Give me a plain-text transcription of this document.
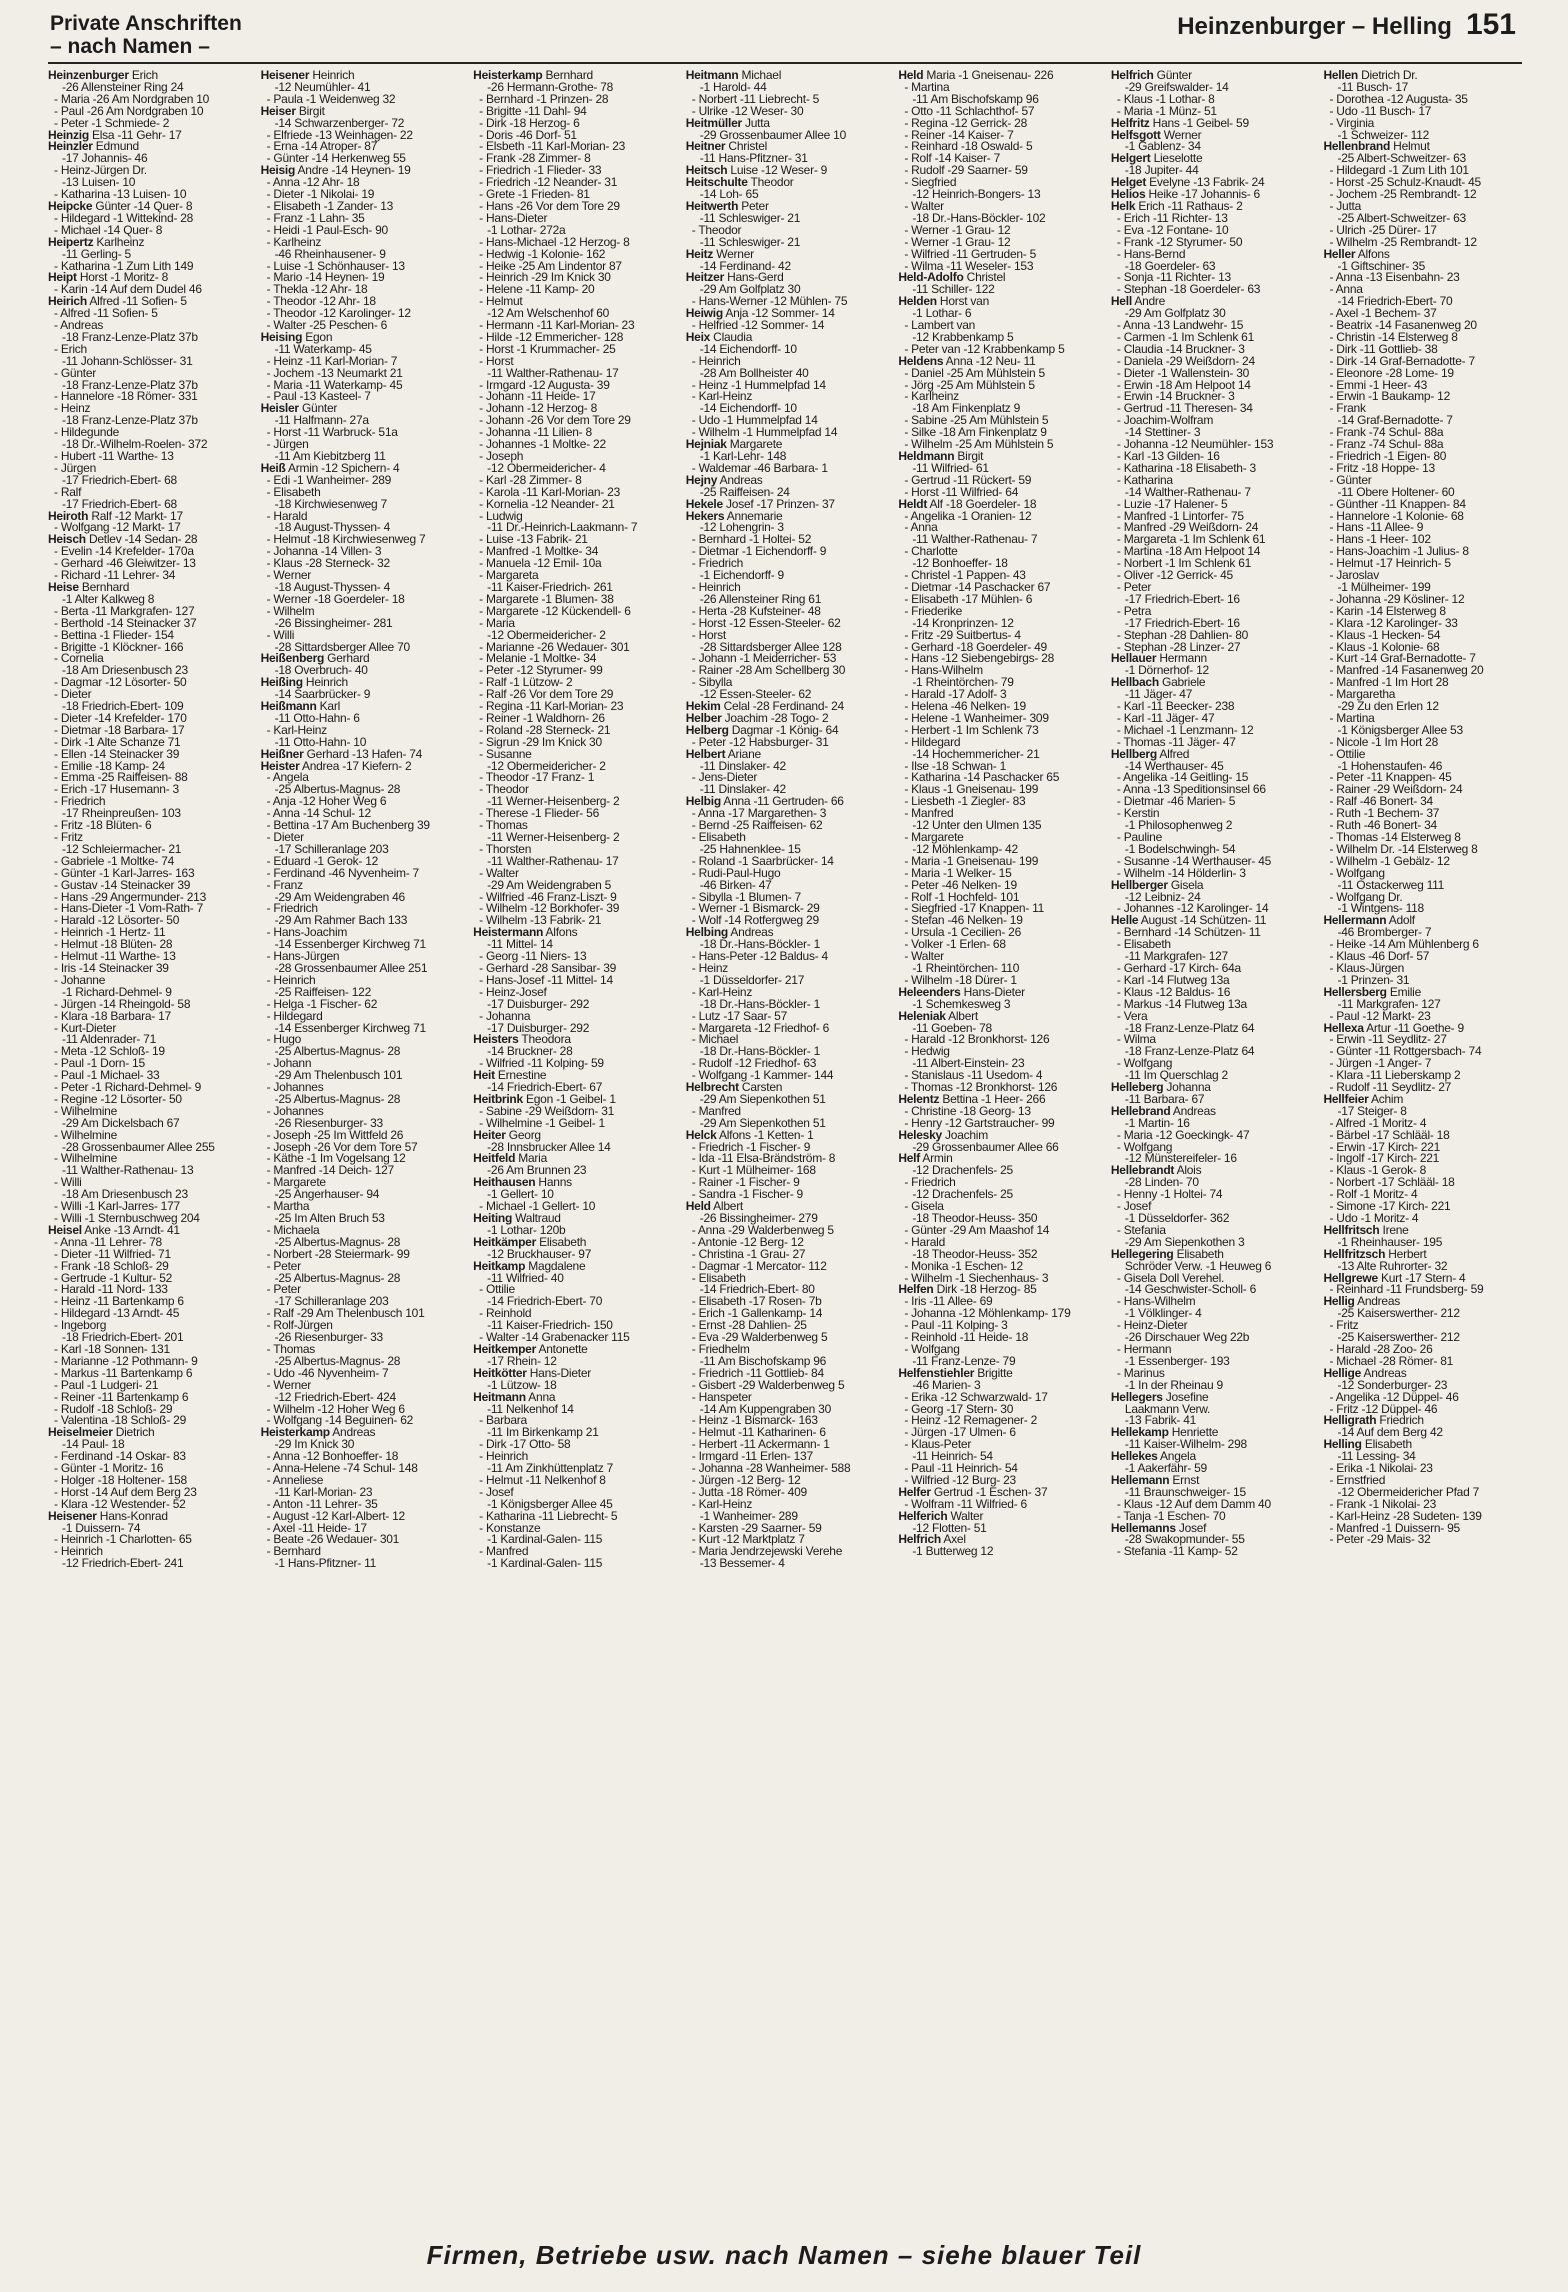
Private Anschriften
– nach Namen –
Heinzenburger – Helling 151
Heinzenburger Erich
-26 Allensteiner Ring 24
- Maria -26 Am Nordgraben 10
- Paul -26 Am Nordgraben 10
- Peter -1 Schmiede- 2
Heinzig Elsa -11 Gehr- 17
Heinzler Edmund
-17 Johannis- 46
- Heinz-Jürgen Dr.
-13 Luisen- 10
- Katharina -13 Luisen- 10
Heipcke Günter -14 Quer- 8
- Hildegard -1 Wittekind- 28
- Michael -14 Quer- 8
Heipertz Karlheinz
-11 Gerling- 5
- Katharina -1 Zum Lith 149
Heipt Horst -1 Moritz- 8
- Karin -14 Auf dem Dudel 46
Heirich Alfred -11 Sofien- 5
- Alfred -11 Sofien- 5
- Andreas
-18 Franz-Lenze-Platz 37b
- Erich
-11 Johann-Schlösser- 31
- Günter
-18 Franz-Lenze-Platz 37b
- Hannelore -18 Römer- 331
- Heinz
-18 Franz-Lenze-Platz 37b
- Hildegunde
-18 Dr.-Wilhelm-Roelen- 372
- Hubert -11 Warthe- 13
- Jürgen
-17 Friedrich-Ebert- 68
- Ralf
-17 Friedrich-Ebert- 68
Heiroth Ralf -12 Markt- 17
- Wolfgang -12 Markt- 17
Heisch Detlev -14 Sedan- 28
- Evelin -14 Krefelder- 170a
- Gerhard -46 Gleiwitzer- 13
- Richard -11 Lehrer- 34
Heise Bernhard
-1 Alter Kalkweg 8
- Berta -11 Markgrafen- 127
- Berthold -14 Steinacker 37
- Bettina -1 Flieder- 154
- Brigitte -1 Klöckner- 166
- Cornelia
-18 Am Driesenbusch 23
- Dagmar -12 Lösorter- 50
- Dieter
-18 Friedrich-Ebert- 109
- Dieter -14 Krefelder- 170
- Dietmar -18 Barbara- 17
- Dirk -1 Alte Schanze 71
- Ellen -14 Steinacker 39
- Emilie -18 Kamp- 24
- Emma -25 Raiffeisen- 88
- Erich -17 Husemann- 3
- Friedrich
-17 Rheinpreußen- 103
- Fritz -18 Blüten- 6
- Fritz
-12 Schleiermacher- 21
- Gabriele -1 Moltke- 74
- Günter -1 Karl-Jarres- 163
- Gustav -14 Steinacker 39
- Hans -29 Angermunder- 213
- Hans-Dieter -1 Vom-Rath- 7
- Harald -12 Lösorter- 50
- Heinrich -1 Hertz- 11
- Helmut -18 Blüten- 28
- Helmut -11 Warthe- 13
- Iris -14 Steinacker 39
- Johanne
-1 Richard-Dehmel- 9
- Jürgen -14 Rheingold- 58
- Klara -18 Barbara- 17
- Kurt-Dieter
-11 Aldenrader- 71
- Meta -12 Schloß- 19
- Paul -1 Dorn- 15
- Paul -1 Michael- 33
- Peter -1 Richard-Dehmel- 9
- Regine -12 Lösorter- 50
- Wilhelmine
-29 Am Dickelsbach 67
- Wilhelmine
-28 Grossenbaumer Allee 255
- Wilhelmine
-11 Walther-Rathenau- 13
- Willi
-18 Am Driesenbusch 23
- Willi -1 Karl-Jarres- 177
- Willi -1 Sternbuschweg 204
Heisel Anke -13 Arndt- 41
- Anna -11 Lehrer- 78
- Dieter -11 Wilfried- 71
- Frank -18 Schloß- 29
- Gertrude -1 Kultur- 52
- Harald -11 Nord- 133
- Heinz -11 Bartenkamp 6
- Hildegard -13 Arndt- 45
- Ingeborg
-18 Friedrich-Ebert- 201
- Karl -18 Sonnen- 131
- Marianne -12 Pothmann- 9
- Markus -11 Bartenkamp 6
- Paul -1 Ludgeri- 21
- Reiner -11 Bartenkamp 6
- Rudolf -18 Schloß- 29
- Valentina -18 Schloß- 29
Heiselmeier Dietrich
-14 Paul- 18
- Ferdinand -14 Oskar- 83
- Günter -1 Moritz- 16
- Holger -18 Holtener- 158
- Horst -14 Auf dem Berg 23
- Klara -12 Westender- 52
Heisener Hans-Konrad
-1 Duissern- 74
- Heinrich -1 Charlotten- 65
- Heinrich
-12 Friedrich-Ebert- 241
Heisener Heinrich
-12 Neumühler- 41
- Paula -1 Weidenweg 32
Heiser Birgit
-14 Schwarzenberger- 72
- Elfriede -13 Weinhagen- 22
- Erna -14 Atroper- 87
- Günter -14 Herkenweg 55
Heisig Andre -14 Heynen- 19
- Anna -12 Ahr- 18
- Dieter -1 Nikolai- 19
- Elisabeth -1 Zander- 13
- Franz -1 Lahn- 35
- Heidi -1 Paul-Esch- 90
- Karlheinz
-46 Rheinhausener- 9
- Luise -1 Schönhauser- 13
- Mario -14 Heynen- 19
- Thekla -12 Ahr- 18
- Theodor -12 Ahr- 18
- Theodor -12 Karolinger- 12
- Walter -25 Peschen- 6
Heising Egon
-11 Waterkamp- 45
- Heinz -11 Karl-Morian- 7
- Jochem -13 Neumarkt 21
- Maria -11 Waterkamp- 45
- Paul -13 Kasteel- 7
Heisler Günter
-11 Halfmann- 27a
- Horst -11 Warbruck- 51a
- Jürgen
-11 Am Kiebitzberg 11
Heiß Armin -12 Spichern- 4
- Edi -1 Wanheimer- 289
- Elisabeth
-18 Kirchwiesenweg 7
- Harald
-18 August-Thyssen- 4
- Helmut -18 Kirchwiesenweg 7
- Johanna -14 Villen- 3
- Klaus -28 Sterneck- 32
- Werner
-18 August-Thyssen- 4
- Werner -18 Goerdeler- 18
- Wilhelm
-26 Bissingheimer- 281
- Willi
-28 Sittardsberger Allee 70
Heißenberg Gerhard
-18 Overbruch- 40
Heißing Heinrich
-14 Saarbrücker- 9
Heißmann Karl
-11 Otto-Hahn- 6
- Karl-Heinz
-11 Otto-Hahn- 10
Heißner Gerhard -13 Hafen- 74
Heister Andrea -17 Kiefern- 2
- Angela
-25 Albertus-Magnus- 28
- Anja -12 Hoher Weg 6
- Anna -14 Schul- 12
- Bettina -17 Am Buchenberg 39
- Dieter
-17 Schilleranlage 203
- Eduard -1 Gerok- 12
- Ferdinand -46 Nyvenheim- 7
- Franz
-29 Am Weidengraben 46
- Friedrich
-29 Am Rahmer Bach 133
- Hans-Joachim
-14 Essenberger Kirchweg 71
- Hans-Jürgen
-28 Grossenbaumer Allee 251
- Heinrich
-25 Raiffeisen- 122
- Helga -1 Fischer- 62
- Hildegard
-14 Essenberger Kirchweg 71
- Hugo
-25 Albertus-Magnus- 28
- Johann
-29 Am Thelenbusch 101
- Johannes
-25 Albertus-Magnus- 28
- Johannes
-26 Riesenburger- 33
- Joseph -25 Im Wittfeld 26
- Joseph -26 Vor dem Tore 57
- Käthe -1 Im Vogelsang 12
- Manfred -14 Deich- 127
- Margarete
-25 Angerhauser- 94
- Martha
-25 Im Alten Bruch 53
- Michaela
-25 Albertus-Magnus- 28
- Norbert -28 Steiermark- 99
- Peter
-25 Albertus-Magnus- 28
- Peter
-17 Schilleranlage 203
- Ralf -29 Am Thelenbusch 101
- Rolf-Jürgen
-26 Riesenburger- 33
- Thomas
-25 Albertus-Magnus- 28
- Udo -46 Nyvenheim- 7
- Werner
-12 Friedrich-Ebert- 424
- Wilhelm -12 Hoher Weg 6
- Wolfgang -14 Beguinen- 62
Heisterkamp Andreas
-29 Im Knick 30
- Anna -12 Bonhoeffer- 18
- Anna-Helene -74 Schul- 148
- Anneliese
-11 Karl-Morian- 23
- Anton -11 Lehrer- 35
- August -12 Karl-Albert- 12
- Axel -11 Heide- 17
- Beate -26 Wedauer- 301
- Bernhard
-1 Hans-Pfitzner- 11
Heisterkamp Bernhard
-26 Hermann-Grothe- 78
- Bernhard -1 Prinzen- 28
- Brigitte -11 Dahl- 94
- Dirk -18 Herzog- 6
- Doris -46 Dorf- 51
- Elsbeth -11 Karl-Morian- 23
- Frank -28 Zimmer- 8
- Friedrich -1 Flieder- 33
- Friedrich -12 Neander- 31
- Grete -1 Frieden- 81
- Hans -26 Vor dem Tore 29
- Hans-Dieter
-1 Lothar- 272a
- Hans-Michael -12 Herzog- 8
- Hedwig -1 Kolonie- 162
- Heike -25 Am Lindentor 87
- Heinrich -29 Im Knick 30
- Helene -11 Kamp- 20
- Helmut
-12 Am Welschenhof 60
- Hermann -11 Karl-Morian- 23
- Hilde -12 Emmericher- 128
- Horst -1 Krummacher- 25
- Horst
-11 Walther-Rathenau- 17
- Irmgard -12 Augusta- 39
- Johann -11 Heide- 17
- Johann -12 Herzog- 8
- Johann -26 Vor dem Tore 29
- Johanna -11 Lilien- 8
- Johannes -1 Moltke- 22
- Joseph
-12 Obermeidericher- 4
- Karl -28 Zimmer- 8
- Karola -11 Karl-Morian- 23
- Kornelia -12 Neander- 21
- Ludwig
-11 Dr.-Heinrich-Laakmann- 7
- Luise -13 Fabrik- 21
- Manfred -1 Moltke- 34
- Manuela -12 Emil- 10a
- Margareta
-11 Kaiser-Friedrich- 261
- Margarete -1 Blumen- 38
- Margarete -12 Kückendell- 6
- Maria
-12 Obermeidericher- 2
- Marianne -26 Wedauer- 301
- Melanie -1 Moltke- 34
- Peter -12 Styrumer- 99
- Ralf -1 Lützow- 2
- Ralf -26 Vor dem Tore 29
- Regina -11 Karl-Morian- 23
- Reiner -1 Waldhorn- 26
- Roland -28 Sterneck- 21
- Sigrun -29 Im Knick 30
- Susanne
-12 Obermeidericher- 2
- Theodor -17 Franz- 1
- Theodor
-11 Werner-Heisenberg- 2
- Therese -1 Flieder- 56
- Thomas
-11 Werner-Heisenberg- 2
- Thorsten
-11 Walther-Rathenau- 17
- Walter
-29 Am Weidengraben 5
- Wilfried -46 Franz-Liszt- 9
- Wilhelm -12 Borkhofer- 39
- Wilhelm -13 Fabrik- 21
Heistermann Alfons
-11 Mittel- 14
- Georg -11 Niers- 13
- Gerhard -28 Sansibar- 39
- Hans-Josef -11 Mittel- 14
- Heinz-Josef
-17 Duisburger- 292
- Johanna
-17 Duisburger- 292
Heisters Theodora
-14 Bruckner- 28
- Wilfried -11 Kolping- 59
Heit Ernestine
-14 Friedrich-Ebert- 67
Heitbrink Egon -1 Geibel- 1
- Sabine -29 Weißdorn- 31
- Wilhelmine -1 Geibel- 1
Heiter Georg
-28 Innsbrucker Allee 14
Heitfeld Maria
-26 Am Brunnen 23
Heithausen Hanns
-1 Gellert- 10
- Michael -1 Gellert- 10
Heiting Waltraud
-1 Lothar- 120b
Heitkämper Elisabeth
-12 Bruckhauser- 97
Heitkamp Magdalene
-11 Wilfried- 40
- Ottilie
-14 Friedrich-Ebert- 70
- Reinhold
-11 Kaiser-Friedrich- 150
- Walter -14 Grabenacker 115
Heitkemper Antonette
-17 Rhein- 12
Heitkötter Hans-Dieter
-1 Lützow- 18
Heitmann Anna
-11 Nelkenhof 14
- Barbara
-11 Im Birkenkamp 21
- Dirk -17 Otto- 58
- Heinrich
-11 Am Zinkhüttenplatz 7
- Helmut -11 Nelkenhof 8
- Josef
-1 Königsberger Allee 45
- Katharina -11 Liebrecht- 5
- Konstanze
-1 Kardinal-Galen- 115
- Manfred
-1 Kardinal-Galen- 115
Heitmann Michael
-1 Harold- 44
- Norbert -11 Liebrecht- 5
- Ulrike -12 Weser- 30
Heitmüller Jutta
-29 Grossenbaumer Allee 10
Heitner Christel
-11 Hans-Pfitzner- 31
Heitsch Luise -12 Weser- 9
Heitschulte Theodor
-14 Loh- 65
Heitwerth Peter
-11 Schleswiger- 21
- Theodor
-11 Schleswiger- 21
Heitz Werner
-14 Ferdinand- 42
Heitzer Hans-Gerd
-29 Am Golfplatz 30
- Hans-Werner -12 Mühlen- 75
Heiwig Anja -12 Sommer- 14
- Helfried -12 Sommer- 14
Heix Claudia
-14 Eichendorff- 10
- Heinrich
-28 Am Bollheister 40
- Heinz -1 Hummelpfad 14
- Karl-Heinz
-14 Eichendorff- 10
- Udo -1 Hummelpfad 14
- Wilhelm -1 Hummelpfad 14
Hejniak Margarete
-1 Karl-Lehr- 148
- Waldemar -46 Barbara- 1
Hejny Andreas
-25 Raiffeisen- 24
Hekele Josef -17 Prinzen- 37
Hekers Annemarie
-12 Lohengrin- 3
- Bernhard -1 Holtei- 52
- Dietmar -1 Eichendorff- 9
- Friedrich
-1 Eichendorff- 9
- Heinrich
-26 Allensteiner Ring 61
- Herta -28 Kufsteiner- 48
- Horst -12 Essen-Steeler- 62
- Horst
-28 Sittardsberger Allee 128
- Johann -1 Meiderricher- 53
- Rainer -28 Am Schellberg 30
- Sibylla
-12 Essen-Steeler- 62
Hekim Celal -28 Ferdinand- 24
Helber Joachim -28 Togo- 2
Helberg Dagmar -1 König- 64
- Peter -12 Habsburger- 31
Helbert Ariane
-11 Dinslaker- 42
- Jens-Dieter
-11 Dinslaker- 42
Helbig Anna -11 Gertruden- 66
- Anna -17 Margarethen- 3
- Bernd -25 Raiffeisen- 62
- Elisabeth
-25 Hahnenklee- 15
- Roland -1 Saarbrücker- 14
- Rudi-Paul-Hugo
-46 Birken- 47
- Sibylla -1 Blumen- 7
- Werner -1 Bismarck- 29
- Wolf -14 Rotfergweg 29
Helbing Andreas
-18 Dr.-Hans-Böckler- 1
- Hans-Peter -12 Baldus- 4
- Heinz
-1 Düsseldorfer- 217
- Karl-Heinz
-18 Dr.-Hans-Böckler- 1
- Lutz -17 Saar- 57
- Margareta -12 Friedhof- 6
- Michael
-18 Dr.-Hans-Böckler- 1
- Rudolf -12 Friedhof- 63
- Wolfgang -1 Kammer- 144
Helbrecht Carsten
-29 Am Siepenkothen 51
- Manfred
-29 Am Siepenkothen 51
Helck Alfons -1 Ketten- 1
- Friedrich -1 Fischer- 9
- Ida -11 Elsa-Brändström- 8
- Kurt -1 Mülheimer- 168
- Rainer -1 Fischer- 9
- Sandra -1 Fischer- 9
Held Albert
-26 Bissingheimer- 279
- Anna -29 Walderbenweg 5
- Antonie -12 Berg- 12
- Christina -1 Grau- 27
- Dagmar -1 Mercator- 112
- Elisabeth
-14 Friedrich-Ebert- 80
- Elisabeth -17 Rosen- 7b
- Erich -1 Gallenkamp- 14
- Ernst -28 Dahlien- 25
- Eva -29 Walderbenweg 5
- Friedhelm
-11 Am Bischofskamp 96
- Friedrich -11 Gottlieb- 84
- Gisbert -29 Walderbenweg 5
- Hanspeter
-14 Am Kuppengraben 30
- Heinz -1 Bismarck- 163
- Helmut -11 Katharinen- 6
- Herbert -11 Ackermann- 1
- Irmgard -11 Erlen- 137
- Johanna -28 Wanheimer- 588
- Jürgen -12 Berg- 12
- Jutta -18 Römer- 409
- Karl-Heinz
-1 Wanheimer- 289
- Karsten -29 Saarner- 59
- Kurt -12 Marktplatz 7
- Maria Jendrzejewski Verehe
-13 Bessemer- 4
Held Maria -1 Gneisenau- 226
- Martina
-11 Am Bischofskamp 96
- Otto -11 Schlachthof- 57
- Regina -12 Gerrick- 28
- Reiner -14 Kaiser- 7
- Reinhard -18 Oswald- 5
- Rolf -14 Kaiser- 7
- Rudolf -29 Saarner- 59
- Siegfried
-12 Heinrich-Bongers- 13
- Walter
-18 Dr.-Hans-Böckler- 102
- Werner -1 Grau- 12
- Werner -1 Grau- 12
- Wilfried -11 Gertruden- 5
- Wilma -11 Weseler- 153
Held-Adolfo Christel
-11 Schiller- 122
Helden Horst van
-1 Lothar- 6
- Lambert van
-12 Krabbenkamp 5
- Peter van -12 Krabbenkamp 5
Heldens Anna -12 Neu- 11
- Daniel -25 Am Mühlstein 5
- Jörg -25 Am Mühlstein 5
- Karlheinz
-18 Am Finkenplatz 9
- Sabine -25 Am Mühlstein 5
- Silke -18 Am Finkenplatz 9
- Wilhelm -25 Am Mühlstein 5
Heldmann Birgit
-11 Wilfried- 61
- Gertrud -11 Rückert- 59
- Horst -11 Wilfried- 64
Heldt Alf -18 Goerdeler- 18
- Angelika -1 Oranien- 12
- Anna
-11 Walther-Rathenau- 7
- Charlotte
-12 Bonhoeffer- 18
- Christel -1 Pappen- 43
- Dietmar -14 Paschacker 67
- Elisabeth -17 Mühlen- 6
- Friederike
-14 Kronprinzen- 12
- Fritz -29 Suitbertus- 4
- Gerhard -18 Goerdeler- 49
- Hans -12 Siebengebirgs- 28
- Hans-Wilhelm
-1 Rheintörchen- 79
- Harald -17 Adolf- 3
- Helena -46 Nelken- 19
- Helene -1 Wanheimer- 309
- Herbert -1 Im Schlenk 73
- Hildegard
-14 Hochemmericher- 21
- Ilse -18 Schwan- 1
- Katharina -14 Paschacker 65
- Klaus -1 Gneisenau- 199
- Liesbeth -1 Ziegler- 83
- Manfred
-12 Unter den Ulmen 135
- Margarete
-12 Möhlenkamp- 42
- Maria -1 Gneisenau- 199
- Maria -1 Welker- 15
- Peter -46 Nelken- 19
- Rolf -1 Hochfeld- 101
- Siegfried -17 Knappen- 11
- Stefan -46 Nelken- 19
- Ursula -1 Cecilien- 26
- Volker -1 Erlen- 68
- Walter
-1 Rheintörchen- 110
- Wilhelm -18 Dürer- 1
Heleenders Hans-Dieter
-1 Schemkesweg 3
Heleniak Albert
-11 Goeben- 78
- Harald -12 Bronkhorst- 126
- Hedwig
-11 Albert-Einstein- 23
- Stanislaus -11 Usedom- 4
- Thomas -12 Bronkhorst- 126
Helentz Bettina -1 Heer- 266
- Christine -18 Georg- 13
- Henry -12 Gartstraucher- 99
Helesky Joachim
-29 Grossenbaumer Allee 66
Helf Armin
-12 Drachenfels- 25
- Friedrich
-12 Drachenfels- 25
- Gisela
-18 Theodor-Heuss- 350
- Günter -29 Am Maashof 14
- Harald
-18 Theodor-Heuss- 352
- Monika -1 Eschen- 12
- Wilhelm -1 Siechenhaus- 3
Helfen Dirk -18 Herzog- 85
- Iris -11 Allee- 69
- Johanna -12 Möhlenkamp- 179
- Paul -11 Kolping- 3
- Reinhold -11 Heide- 18
- Wolfgang
-11 Franz-Lenze- 79
Helfenstiehler Brigitte
-46 Marien- 3
- Erika -12 Schwarzwald- 17
- Georg -17 Stern- 30
- Heinz -12 Remagener- 2
- Jürgen -17 Ulmen- 6
- Klaus-Peter
-11 Heinrich- 54
- Paul -11 Heinrich- 54
- Wilfried -12 Burg- 23
Helfer Gertrud -1 Eschen- 37
- Wolfram -11 Wilfried- 6
Helferich Walter
-12 Flotten- 51
Helfrich Axel
-1 Butterweg 12
Helfrich Günter
-29 Greifswalder- 14
- Klaus -1 Lothar- 8
- Maria -1 Münz- 51
Helfritz Hans -1 Geibel- 59
Helfsgott Werner
-1 Gablenz- 34
Helgert Lieselotte
-18 Jupiter- 44
Helget Evelyne -13 Fabrik- 24
Helios Heike -17 Johannis- 6
Helk Erich -11 Rathaus- 2
- Erich -11 Richter- 13
- Eva -12 Fontane- 10
- Frank -12 Styrumer- 50
- Hans-Bernd
-18 Goerdeler- 63
- Sonja -11 Richter- 13
- Stephan -18 Goerdeler- 63
Hell Andre
-29 Am Golfplatz 30
- Anna -13 Landwehr- 15
- Carmen -1 Im Schlenk 61
- Claudia -14 Bruckner- 3
- Daniela -29 Weißdorn- 24
- Dieter -1 Wallenstein- 30
- Erwin -18 Am Helpoot 14
- Erwin -14 Bruckner- 3
- Gertrud -11 Theresen- 34
- Joachim-Wolfram
-14 Stettiner- 3
- Johanna -12 Neumühler- 153
- Karl -13 Gilden- 16
- Katharina -18 Elisabeth- 3
- Katharina
-14 Walther-Rathenau- 7
- Luzie -17 Halener- 5
- Manfred -1 Lintorfer- 75
- Manfred -29 Weißdorn- 24
- Margareta -1 Im Schlenk 61
- Martina -18 Am Helpoot 14
- Norbert -1 Im Schlenk 61
- Oliver -12 Gerrick- 45
- Peter
-17 Friedrich-Ebert- 16
- Petra
-17 Friedrich-Ebert- 16
- Stephan -28 Dahlien- 80
- Stephan -28 Linzer- 27
Hellauer Hermann
-1 Dörnerhof- 12
Hellbach Gabriele
-11 Jäger- 47
- Karl -11 Beecker- 238
- Karl -11 Jäger- 47
- Michael -1 Lenzmann- 12
- Thomas -11 Jäger- 47
Hellberg Alfred
-14 Werthauser- 45
- Angelika -14 Geitling- 15
- Anna -13 Speditionsinsel 66
- Dietmar -46 Marien- 5
- Kerstin
-1 Philosophenweg 2
- Pauline
-1 Bodelschwingh- 54
- Susanne -14 Werthauser- 45
- Wilhelm -14 Hölderlin- 3
Hellberger Gisela
-12 Leibniz- 24
- Johannes -12 Karolinger- 14
Helle August -14 Schützen- 11
- Bernhard -14 Schützen- 11
- Elisabeth
-11 Markgrafen- 127
- Gerhard -17 Kirch- 64a
- Karl -14 Flutweg 13a
- Klaus -12 Baldus- 16
- Markus -14 Flutweg 13a
- Vera
-18 Franz-Lenze-Platz 64
- Wilma
-18 Franz-Lenze-Platz 64
- Wolfgang
-11 Im Querschlag 2
Helleberg Johanna
-11 Barbara- 67
Hellebrand Andreas
-1 Martin- 16
- Maria -12 Goeckingk- 47
- Wolfgang
-12 Münstereifeler- 16
Hellebrandt Alois
-28 Linden- 70
- Henny -1 Holtei- 74
- Josef
-1 Düsseldorfer- 362
- Stefania
-29 Am Siepenkothen 3
Hellegering Elisabeth
Schröder Verw. -1 Heuweg 6
- Gisela Doll Verehel.
-14 Geschwister-Scholl- 6
- Hans-Wilhelm
-1 Völklinger- 4
- Heinz-Dieter
-26 Dirschauer Weg 22b
- Hermann
-1 Essenberger- 193
- Marinus
-1 In der Rheinau 9
Hellegers Josefine
Laakmann Verw.
-13 Fabrik- 41
Hellekamp Henriette
-11 Kaiser-Wilhelm- 298
Hellekes Angela
-1 Aakerfähr- 59
Hellemann Ernst
-11 Braunschweiger- 15
- Klaus -12 Auf dem Damm 40
- Tanja -1 Eschen- 70
Hellemanns Josef
-28 Swakopmunder- 55
- Stefania -11 Kamp- 52
Hellen Dietrich Dr.
-11 Busch- 17
- Dorothea -12 Augusta- 35
- Udo -11 Busch- 17
- Virginia
-1 Schweizer- 112
Hellenbrand Helmut
-25 Albert-Schweitzer- 63
- Hildegard -1 Zum Lith 101
- Horst -25 Schulz-Knaudt- 45
- Jochem -25 Rembrandt- 12
- Jutta
-25 Albert-Schweitzer- 63
- Ulrich -25 Dürer- 17
- Wilhelm -25 Rembrandt- 12
Heller Alfons
-1 Giftschiner- 35
- Anna -13 Eisenbahn- 23
- Anna
-14 Friedrich-Ebert- 70
- Axel -1 Bechem- 37
- Beatrix -14 Fasanenweg 20
- Christin -14 Elsterweg 8
- Dirk -11 Gottlieb- 38
- Dirk -14 Graf-Bernadotte- 7
- Eleonore -28 Lome- 19
- Emmi -1 Heer- 43
- Erwin -1 Baukamp- 12
- Frank
-14 Graf-Bernadotte- 7
- Frank -74 Schul- 88a
- Franz -74 Schul- 88a
- Friedrich -1 Eigen- 80
- Fritz -18 Hoppe- 13
- Günter
-11 Obere Holtener- 60
- Günther -11 Knappen- 84
- Hannelore -1 Kolonie- 68
- Hans -11 Allee- 9
- Hans -1 Heer- 102
- Hans-Joachim -1 Julius- 8
- Helmut -17 Heinrich- 5
- Jaroslav
-1 Mülheimer- 199
- Johanna -29 Kösliner- 12
- Karin -14 Elsterweg 8
- Klara -12 Karolinger- 33
- Klaus -1 Hecken- 54
- Klaus -1 Kolonie- 68
- Kurt -14 Graf-Bernadotte- 7
- Manfred -14 Fasanenweg 20
- Manfred -1 Im Hort 28
- Margaretha
-29 Zu den Erlen 12
- Martina
-1 Königsberger Allee 53
- Nicole -1 Im Hort 28
- Ottilie
-1 Hohenstaufen- 46
- Peter -11 Knappen- 45
- Rainer -29 Weißdorn- 24
- Ralf -46 Bonert- 34
- Ruth -1 Bechem- 37
- Ruth -46 Bonert- 34
- Thomas -14 Elsterweg 8
- Wilhelm Dr. -14 Elsterweg 8
- Wilhelm -1 Gebälz- 12
- Wolfgang
-11 Ostackerweg 111
- Wolfgang Dr.
-1 Wintgens- 118
Hellermann Adolf
-46 Bromberger- 7
- Heike -14 Am Mühlenberg 6
- Klaus -46 Dorf- 57
- Klaus-Jürgen
-1 Prinzen- 31
Hellersberg Emilie
-11 Markgrafen- 127
- Paul -12 Markt- 23
Hellexa Artur -11 Goethe- 9
- Erwin -11 Seydlitz- 27
- Günter -11 Rottgersbach- 74
- Jürgen -1 Anger- 7
- Klara -11 Lieberskamp 2
- Rudolf -11 Seydlitz- 27
Hellfeier Achim
-17 Steiger- 8
- Alfred -1 Moritz- 4
- Bärbel -17 Schlääl- 18
- Erwin -17 Kirch- 221
- Ingolf -17 Kirch- 221
- Klaus -1 Gerok- 8
- Norbert -17 Schlääl- 18
- Rolf -1 Moritz- 4
- Simone -17 Kirch- 221
- Udo -1 Moritz- 4
Hellfritsch Irene
-1 Rheinhauser- 195
Hellfritzsch Herbert
-13 Alte Ruhrorter- 32
Hellgrewe Kurt -17 Stern- 4
- Reinhard -11 Frundsberg- 59
Hellig Andreas
-25 Kaiserswerther- 212
- Fritz
-25 Kaiserswerther- 212
- Harald -28 Zoo- 26
- Michael -28 Römer- 81
Hellige Andreas
-12 Sonderburger- 23
- Angelika -12 Düppel- 46
- Fritz -12 Düppel- 46
Helligrath Friedrich
-14 Auf dem Berg 42
Helling Elisabeth
-11 Lessing- 34
- Erika -1 Nikolai- 23
- Ernstfried
-12 Obermeidericher Pfad 7
- Frank -1 Nikolai- 23
- Karl-Heinz -28 Sudeten- 139
- Manfred -1 Duissern- 95
- Peter -29 Mais- 32
Firmen, Betriebe usw. nach Namen – siehe blauer Teil
